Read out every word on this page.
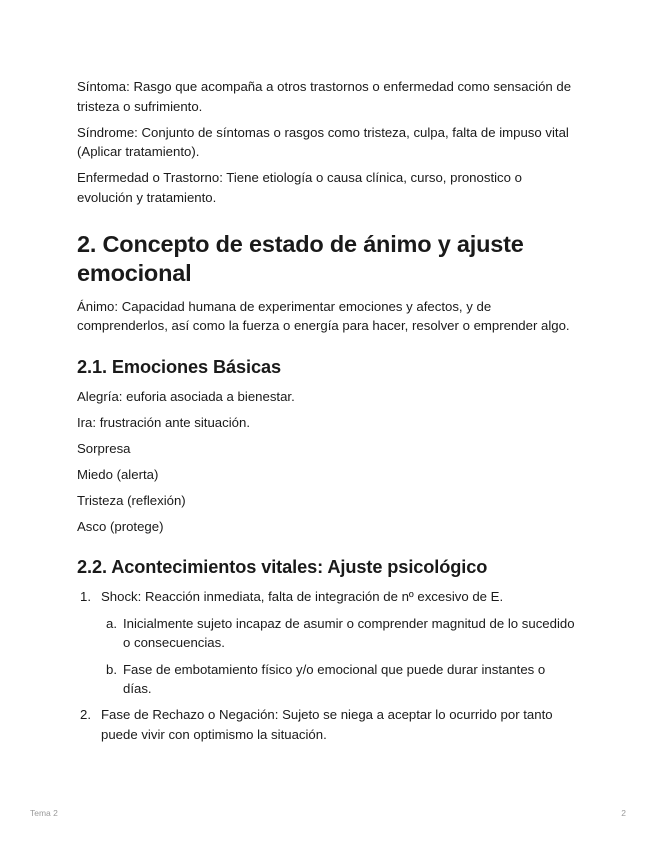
Síntoma: Rasgo que acompaña a otros trastornos o enfermedad como sensación de tristeza o sufrimiento.

Síndrome: Conjunto de síntomas o rasgos como tristeza, culpa, falta de impuso vital (Aplicar tratamiento).

Enfermedad o Trastorno: Tiene etiología o causa clínica, curso, pronostico o evolución y tratamiento.

2. Concepto de estado de ánimo y ajuste emocional

Ánimo: Capacidad humana de experimentar emociones y afectos, y de comprenderlos, así como la fuerza o energía para hacer, resolver o emprender algo.

2.1. Emociones Básicas

Alegría: euforia asociada a bienestar.

Ira: frustración ante situación.

Sorpresa

Miedo (alerta)

Tristeza (reflexión)

Asco (protege)

2.2. Acontecimientos vitales: Ajuste psicológico
1. Shock: Reacción inmediata, falta de integración de nº excesivo de E.
a. Inicialmente sujeto incapaz de asumir o comprender magnitud de lo sucedido o consecuencias.
b. Fase de embotamiento físico y/o emocional que puede durar instantes o días.
2. Fase de Rechazo o Negación: Sujeto se niega a aceptar lo ocurrido por tanto puede vivir con optimismo la situación.
Tema 2	2
